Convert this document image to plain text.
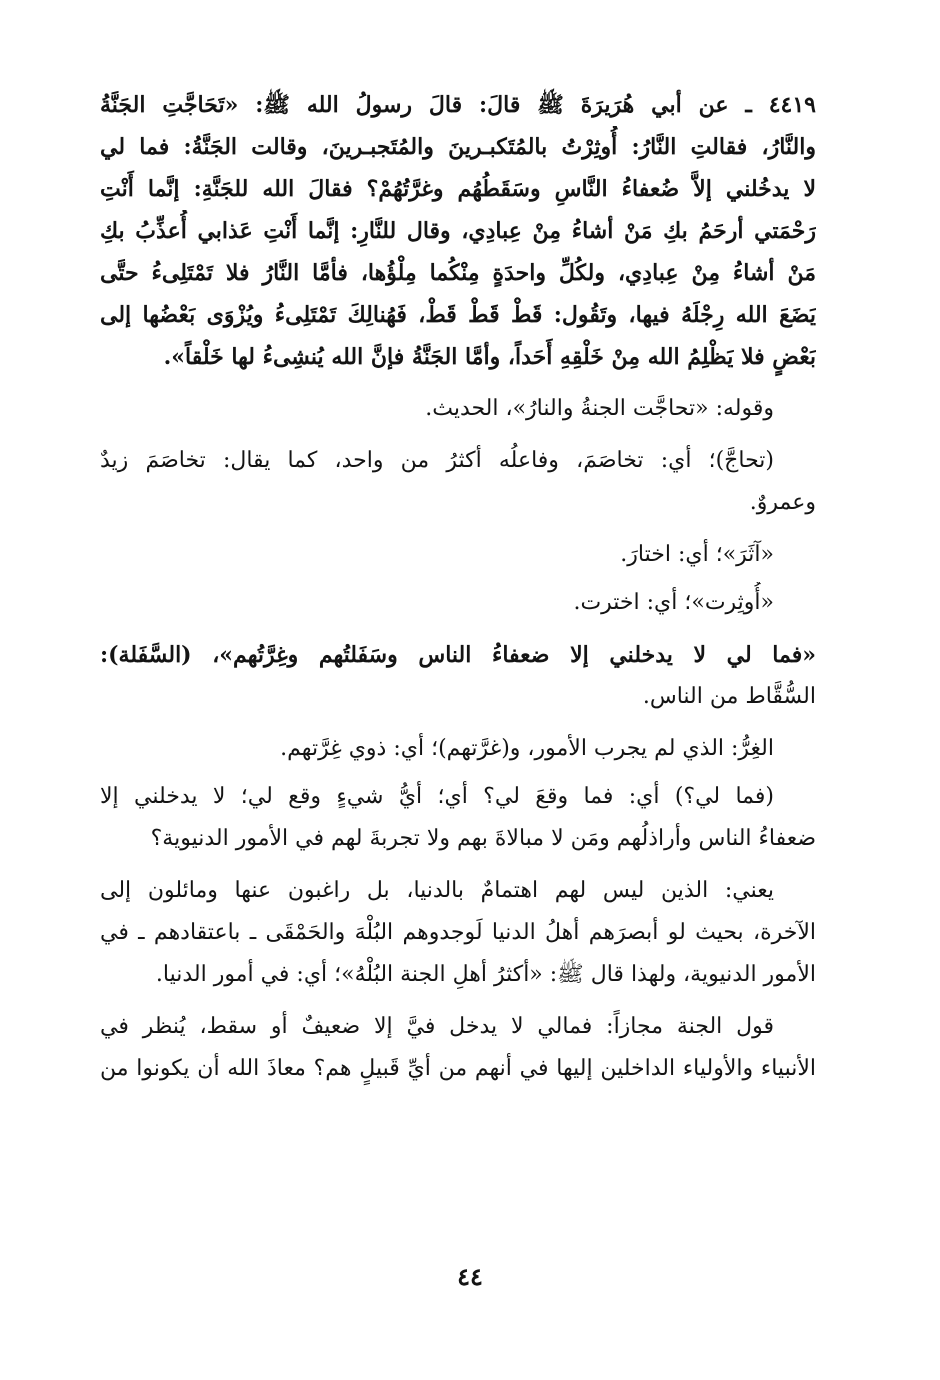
٤٤١٩ ـ عن أبي هُرَيرَةَ ﷺ قالَ: قالَ رسولُ الله ﷺ: «تَحَاجَّتِ الجَنَّةُ
والنَّارُ، فقالتِ النَّارُ: أُوثِرْتُ بالمُتَكبـرينَ والمُتَجبـرينَ، وقالت الجَنَّةُ: فما لي
لا يدخُلني إلاَّ ضُعفاءُ النَّاسِ وسَقَطُهُم وغرَّتُهُمْ؟ فقالَ الله للجَنَّةِ: إنَّما أَنْتِ
رَحْمَتي أرحَمُ بكِ مَنْ أشاءُ مِنْ عِبادِي، وقال للنَّارِ: إنَّما أَنْتِ عَذابي أُعذِّبُ بكِ
مَنْ أشاءُ مِنْ عِبادِي، ولكُلِّ واحدَةٍ مِنْكُما مِلْؤُها، فأمَّا النَّارُ فلا تَمْتَلِىءُ حتَّى
يَضَعَ الله رِجْلَهُ فيها، وتَقُول: قَطْ قَطْ قَطْ، فَهُنالِكَ تَمْتَلِىءُ ويُزْوَى بَعْضُها إلى
بَعْضٍ فلا يَظْلِمُ الله مِنْ خَلْقِهِ أَحَداً، وأمَّا الجَنَّةُ فإنَّ الله يُنشِىءُ لها خَلْقاً».
وقوله: «تحاجَّت الجنةُ والنارُ»، الحديث.
(تحاجَّ)؛ أي: تخاصَمَ، وفاعلُه أكثرُ من واحد، كما يقال: تخاصَمَ زيدٌ
وعمروٌ.
«آثَرَ»؛ أي: اختارَ.
«أُوثِرت»؛ أي: اخترت.
«فما لي لا يدخلني إلا ضعفاءُ الناس وسَفَلتُهم وغِرَّتُهم»، (السَّفَلة):
السُّقَّاط من الناس.
الغِرُّ: الذي لم يجرب الأمور، و(غرَّتهم)؛ أي: ذوي غِرَّتهم.
(فما لي؟) أي: فما وقعَ لي؟ أي؛ أيُّ شيءٍ وقع لي؛ لا يدخلني إلا
ضعفاءُ الناس وأراذلُهم ومَن لا مبالاةَ بهم ولا تجربةَ لهم في الأمور الدنيوية؟
يعني: الذين ليس لهم اهتمامٌ بالدنيا، بل راغبون عنها ومائلون إلى
الآخرة، بحيث لو أبصرَهم أهلُ الدنيا لَوجدوهم البُلْهَ والحَمْقَى ـ باعتقادهم ـ في
الأمور الدنيوية، ولهذا قال ﷺ: «أكثرُ أهلِ الجنة البُلْهُ»؛ أي: في أمور الدنيا.
قول الجنة مجازاً: فمالي لا يدخل فيَّ إلا ضعيفٌ أو سقط، يُنظر في
الأنبياء والأولياء الداخلين إليها في أنهم من أيِّ قَبيلٍ هم؟ معاذَ الله أن يكونوا من
٤٤
